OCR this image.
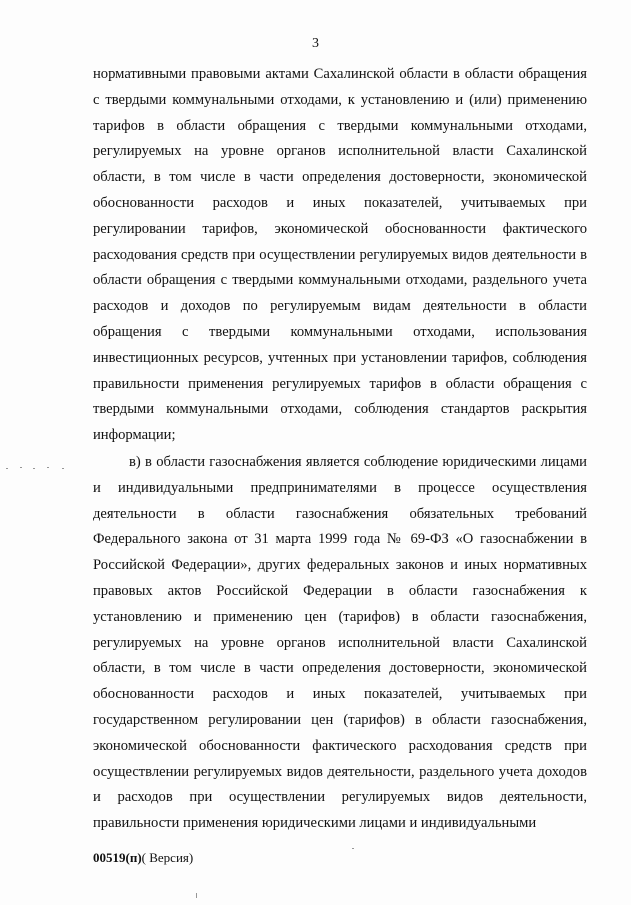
3

нормативными правовыми актами Сахалинской области в области обращения с твердыми коммунальными отходами, к установлению и (или) применению тарифов в области обращения с твердыми коммунальными отходами, регулируемых на уровне органов исполнительной власти Сахалинской области, в том числе в части определения достоверности, экономической обоснованности расходов и иных показателей, учитываемых при регулировании тарифов, экономической обоснованности фактического расходования средств при осуществлении регулируемых видов деятельности в области обращения с твердыми коммунальными отходами, раздельного учета расходов и доходов по регулируемым видам деятельности в области обращения с твердыми коммунальными отходами, использования инвестиционных ресурсов, учтенных при установлении тарифов, соблюдения правильности применения регулируемых тарифов в области обращения с твердыми коммунальными отходами, соблюдения стандартов раскрытия информации;

в) в области газоснабжения является соблюдение юридическими лицами и индивидуальными предпринимателями в процессе осуществления деятельности в области газоснабжения обязательных требований Федерального закона от 31 марта 1999 года № 69-ФЗ «О газоснабжении в Российской Федерации», других федеральных законов и иных нормативных правовых актов Российской Федерации в области газоснабжения к установлению и применению цен (тарифов) в области газоснабжения, регулируемых на уровне органов исполнительной власти Сахалинской области, в том числе в части определения достоверности, экономической обоснованности расходов и иных показателей, учитываемых при государственном регулировании цен (тарифов) в области газоснабжения, экономической обоснованности фактического расходования средств при осуществлении регулируемых видов деятельности, раздельного учета доходов и расходов при осуществлении регулируемых видов деятельности, правильности применения юридическими лицами и индивидуальными

00519(п)( Версия)
